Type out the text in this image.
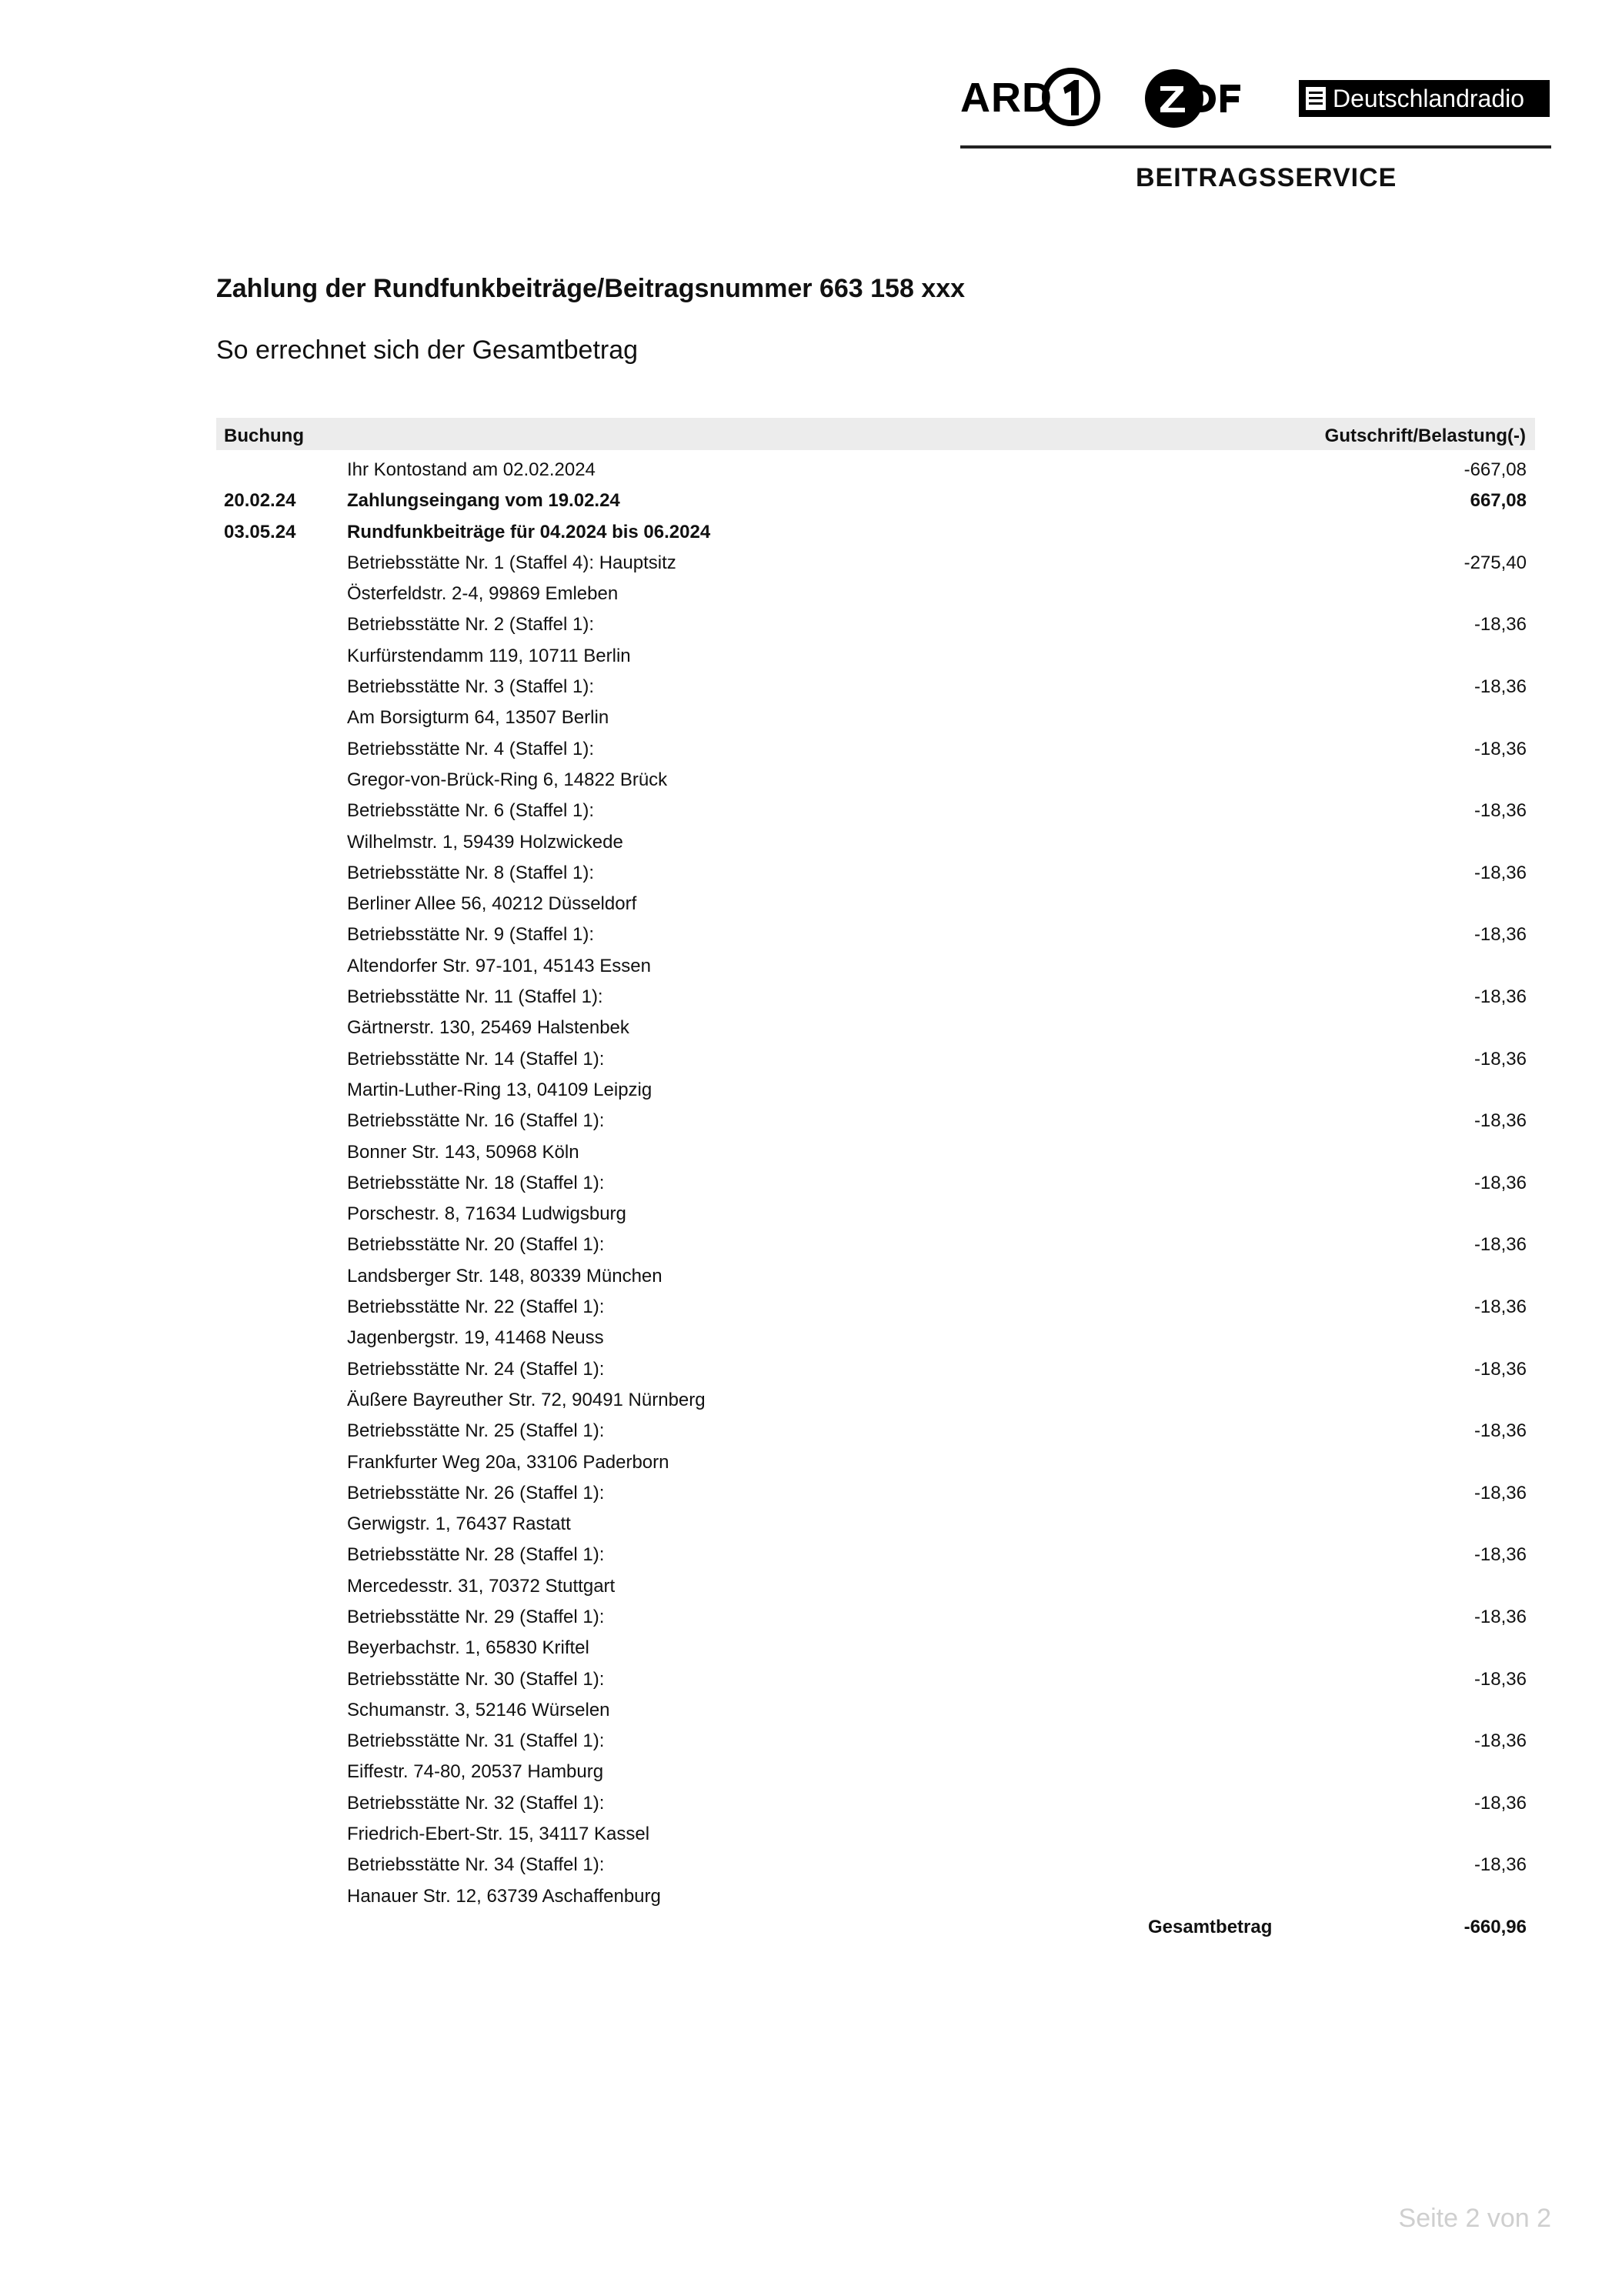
ARD	Deutschlandradio
BEITRAGSSERVICE
Zahlung der Rundfunkbeiträge/Beitragsnummer 663 158 xxx
So errechnet sich der Gesamtbetrag
Buchung	Gutschrift/Belastung(-)
Ihr Kontostand am 02.02.2024	-667,08
20.02.24	Zahlungseingang vom 19.02.24	667,08
03.05.24	Rundfunkbeiträge für 04.2024 bis 06.2024
Betriebsstätte Nr. 1 (Staffel 4): Hauptsitz	-275,40
Österfeldstr. 2-4, 99869 Emleben
Betriebsstätte Nr. 2 (Staffel 1):	-18,36
Kurfürstendamm 119, 10711 Berlin
Betriebsstätte Nr. 3 (Staffel 1):	-18,36
Am Borsigturm 64, 13507 Berlin
Betriebsstätte Nr. 4 (Staffel 1):	-18,36
Gregor-von-Brück-Ring 6, 14822 Brück
Betriebsstätte Nr. 6 (Staffel 1):	-18,36
Wilhelmstr. 1, 59439 Holzwickede
Betriebsstätte Nr. 8 (Staffel 1):	-18,36
Berliner Allee 56, 40212 Düsseldorf
Betriebsstätte Nr. 9 (Staffel 1):	-18,36
Altendorfer Str. 97-101, 45143 Essen
Betriebsstätte Nr. 11 (Staffel 1):	-18,36
Gärtnerstr. 130, 25469 Halstenbek
Betriebsstätte Nr. 14 (Staffel 1):	-18,36
Martin-Luther-Ring 13, 04109 Leipzig
Betriebsstätte Nr. 16 (Staffel 1):	-18,36
Bonner Str. 143, 50968 Köln
Betriebsstätte Nr. 18 (Staffel 1):	-18,36
Porschestr. 8, 71634 Ludwigsburg
Betriebsstätte Nr. 20 (Staffel 1):	-18,36
Landsberger Str. 148, 80339 München
Betriebsstätte Nr. 22 (Staffel 1):	-18,36
Jagenbergstr. 19, 41468 Neuss
Betriebsstätte Nr. 24 (Staffel 1):	-18,36
Äußere Bayreuther Str. 72, 90491 Nürnberg
Betriebsstätte Nr. 25 (Staffel 1):	-18,36
Frankfurter Weg 20a, 33106 Paderborn
Betriebsstätte Nr. 26 (Staffel 1):	-18,36
Gerwigstr. 1, 76437 Rastatt
Betriebsstätte Nr. 28 (Staffel 1):	-18,36
Mercedesstr. 31, 70372 Stuttgart
Betriebsstätte Nr. 29 (Staffel 1):	-18,36
Beyerbachstr. 1, 65830 Kriftel
Betriebsstätte Nr. 30 (Staffel 1):	-18,36
Schumanstr. 3, 52146 Würselen
Betriebsstätte Nr. 31 (Staffel 1):	-18,36
Eiffestr. 74-80, 20537 Hamburg
Betriebsstätte Nr. 32 (Staffel 1):	-18,36
Friedrich-Ebert-Str. 15, 34117 Kassel
Betriebsstätte Nr. 34 (Staffel 1):	-18,36
Hanauer Str. 12, 63739 Aschaffenburg
Gesamtbetrag	-660,96
Seite 2 von 2
